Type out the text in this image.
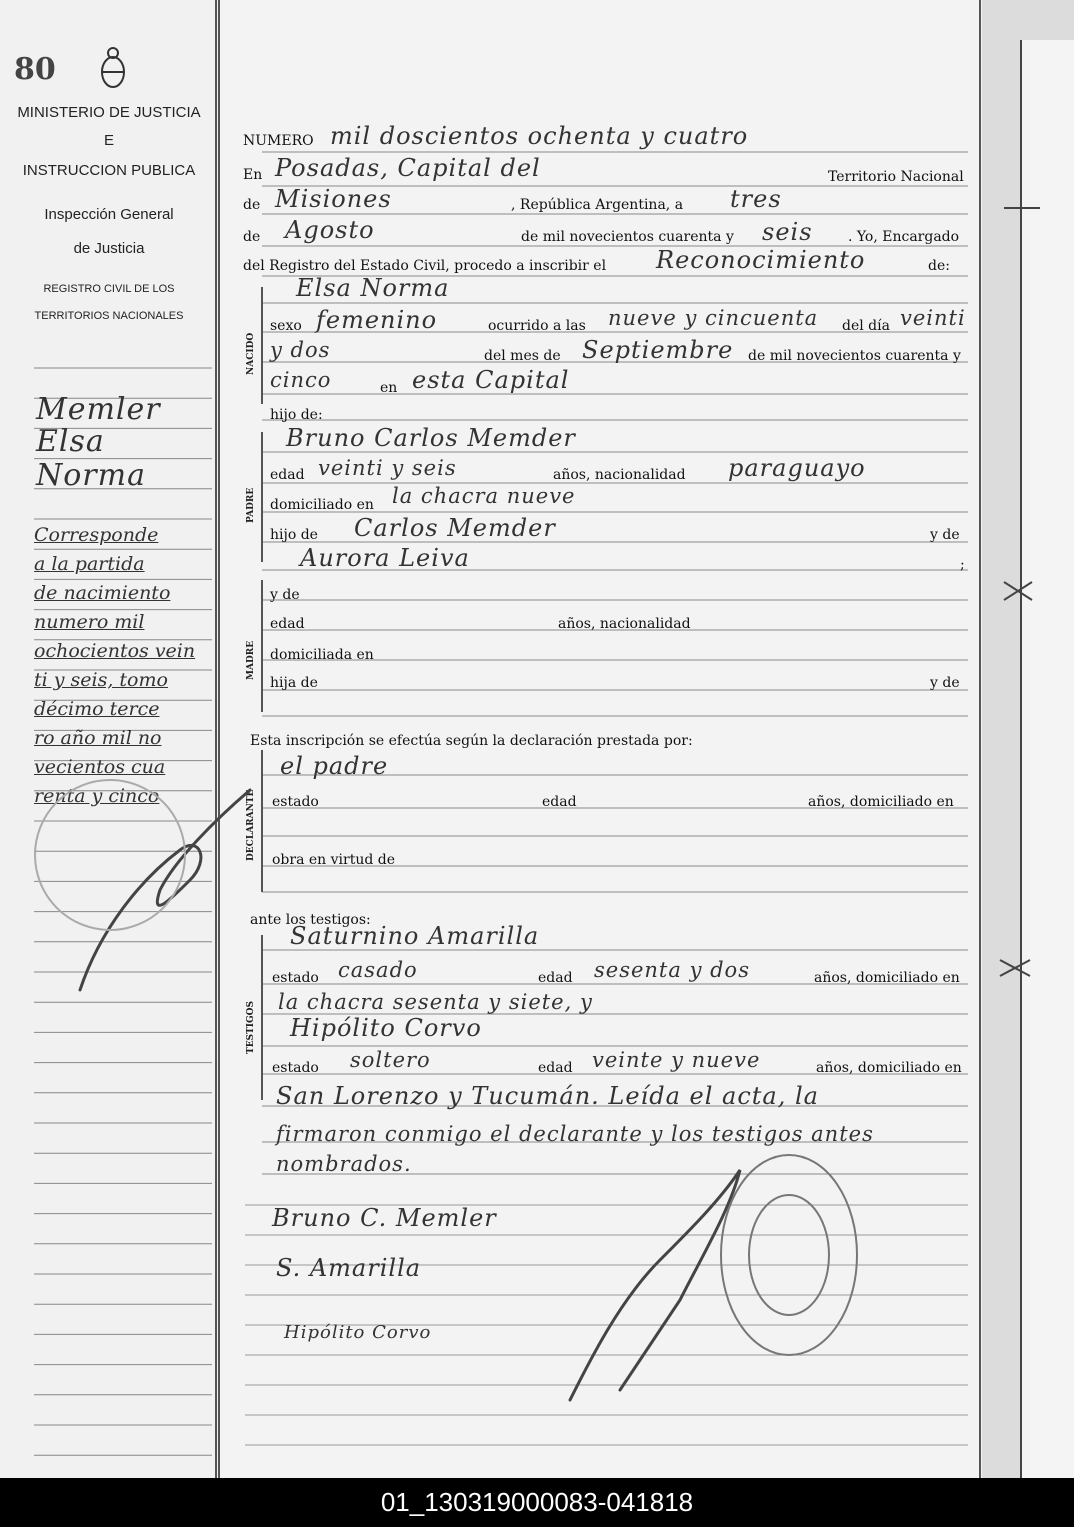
80
MINISTERIO DE JUSTICIA
E
INSTRUCCION PUBLICA
Inspección General
de Justicia
REGISTRO CIVIL DE LOS
TERRITORIOS NACIONALES
Memler
Elsa
Norma
Corresponde
a la partida
de nacimiento
numero mil
ochocientos vein
ti y seis, tomo
décimo terce
ro año mil no
vecientos cua
renta y cinco
NUMERO mil doscientos ochenta y cuatro
En Posadas, Capital del	Territorio Nacional
de Misiones	, República Argentina, a tres
de Agosto	de mil novecientos cuarenta y seis	. Yo, Encargado
del Registro del Estado Civil, procedo a inscribir el Reconocimiento	de:
Elsa Norma
sexo femenino	ocurrido a las nueve y cincuenta del día veinti
y dos	del mes de Septiembre de mil novecientos cuarenta y
cinco	en esta Capital
hijo de:
Bruno Carlos Memder
edad veinti y seis	años, nacionalidad paraguayo
domiciliado en la chacra nueve
hijo de Carlos Memder	y de
Aurora Leiva	;
y de
edad	años, nacionalidad
domiciliada en
hija de	y de
Esta inscripción se efectúa según la declaración prestada por:
el padre
estado	edad	años, domiciliado en
obra en virtud de
ante los testigos:
Saturnino Amarilla
estado casado	edad sesenta y dos	años, domiciliado en
la chacra sesenta y siete, y
Hipólito Corvo
estado soltero	edad veinte y nueve	años, domiciliado en
San Lorenzo y Tucumán. Leída el acta, la
firmaron conmigo el declarante y los testigos antes
nombrados.
Bruno C. Memler
S. Amarilla
Hipólito Corvo
NACIDO
PADRE
MADRE
DECLARANTE
TESTIGOS
01_130319000083-041818
